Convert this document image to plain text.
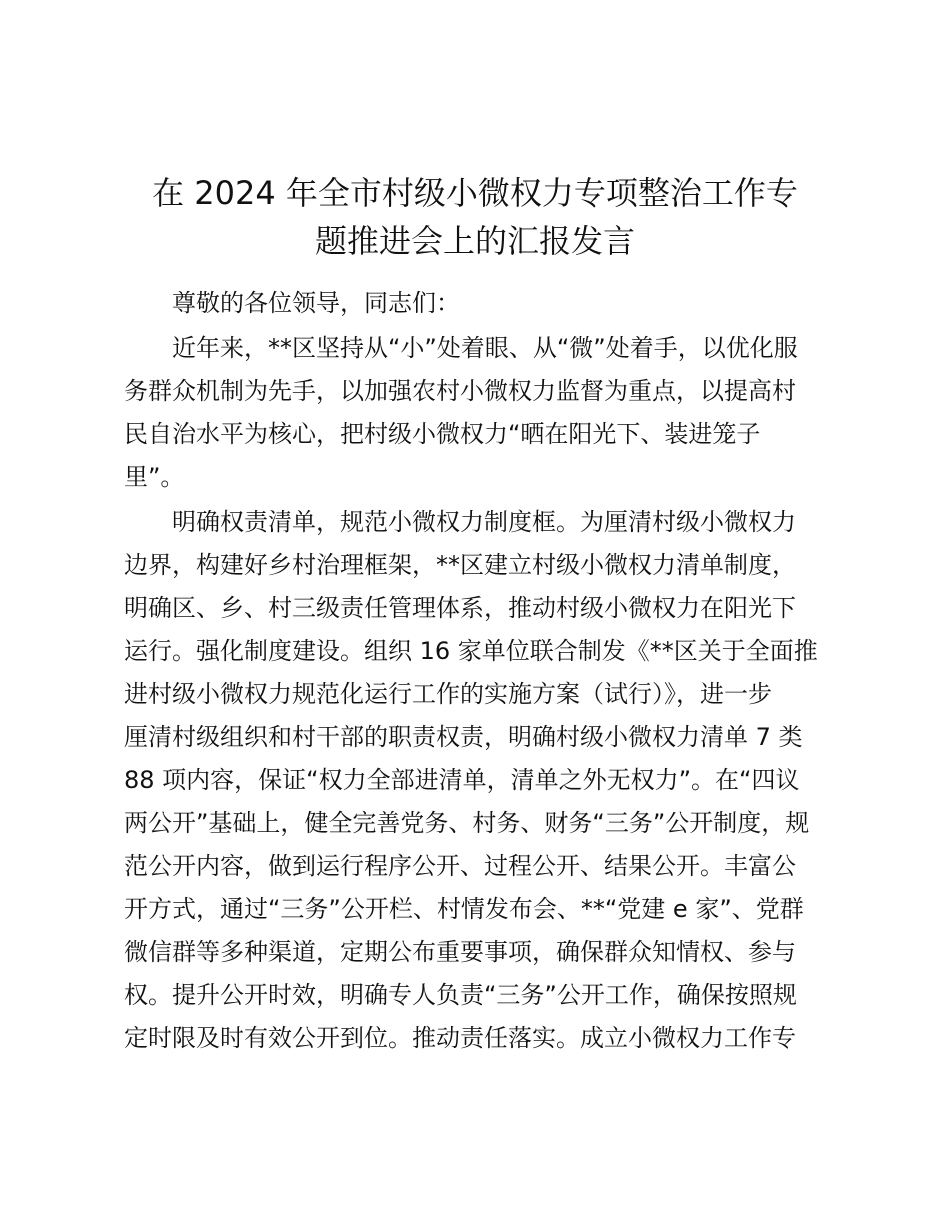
在 2024 年全市村级小微权力专项整治工作专
题推进会上的汇报发言

尊敬的各位领导，同志们：

近年来，**区坚持从“小”处着眼、从“微”处着手，以优化服

务群众机制为先手，以加强农村小微权力监督为重点，以提高村

民自治水平为核心，把村级小微权力“晒在阳光下、装进笼子

里”。

明确权责清单，规范小微权力制度框。为厘清村级小微权力

边界，构建好乡村治理框架，**区建立村级小微权力清单制度，

明确区、乡、村三级责任管理体系，推动村级小微权力在阳光下

运行。强化制度建设。组织 16 家单位联合制发《**区关于全面推

进村级小微权力规范化运行工作的实施方案（试行）》，进一步

厘清村级组织和村干部的职责权责，明确村级小微权力清单 7 类

88 项内容，保证“权力全部进清单，清单之外无权力”。在“四议

两公开”基础上，健全完善党务、村务、财务“三务”公开制度，规

范公开内容，做到运行程序公开、过程公开、结果公开。丰富公

开方式，通过“三务”公开栏、村情发布会、**“党建 e 家”、党群

微信群等多种渠道，定期公布重要事项，确保群众知情权、参与

权。提升公开时效，明确专人负责“三务”公开工作，确保按照规

定时限及时有效公开到位。推动责任落实。成立小微权力工作专
